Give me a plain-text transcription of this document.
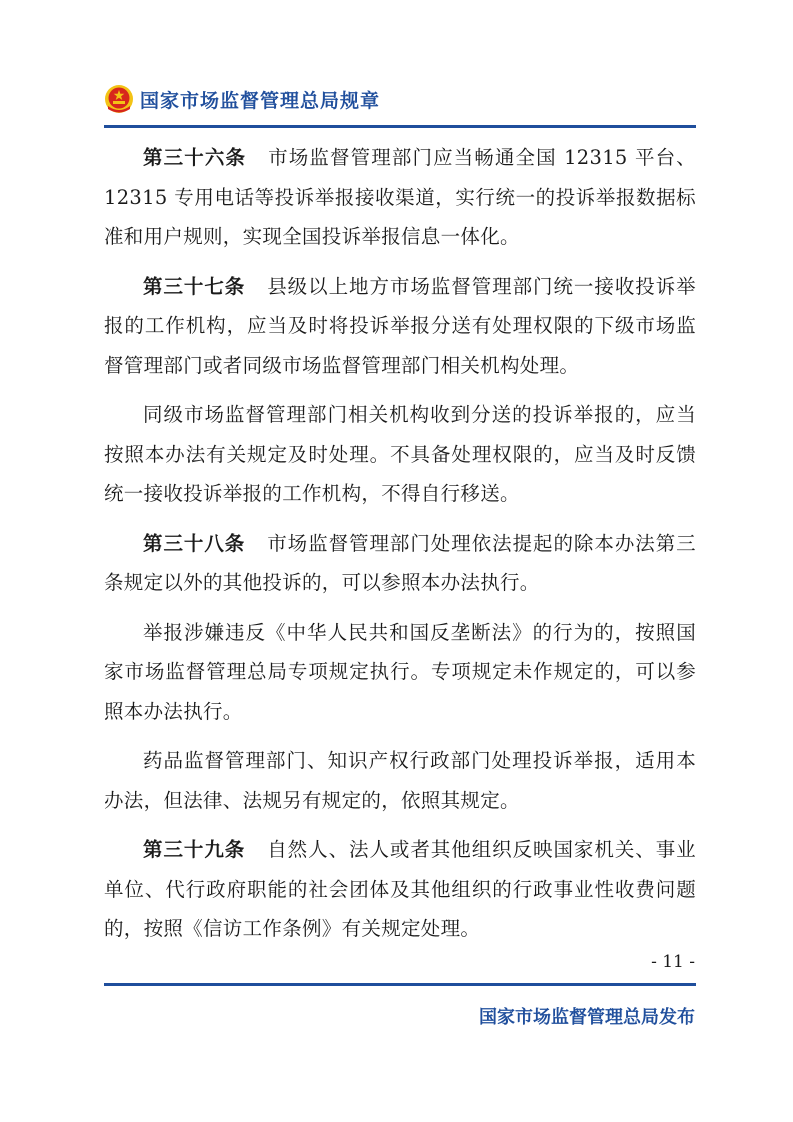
国家市场监督管理总局规章

第三十六条 市场监督管理部门应当畅通全国 12315 平台、12315 专用电话等投诉举报接收渠道，实行统一的投诉举报数据标准和用户规则，实现全国投诉举报信息一体化。

第三十七条 县级以上地方市场监督管理部门统一接收投诉举报的工作机构，应当及时将投诉举报分送有处理权限的下级市场监督管理部门或者同级市场监督管理部门相关机构处理。

同级市场监督管理部门相关机构收到分送的投诉举报的，应当按照本办法有关规定及时处理。不具备处理权限的，应当及时反馈统一接收投诉举报的工作机构，不得自行移送。

第三十八条 市场监督管理部门处理依法提起的除本办法第三条规定以外的其他投诉的，可以参照本办法执行。

举报涉嫌违反《中华人民共和国反垄断法》的行为的，按照国家市场监督管理总局专项规定执行。专项规定未作规定的，可以参照本办法执行。

药品监督管理部门、知识产权行政部门处理投诉举报，适用本办法，但法律、法规另有规定的，依照其规定。

第三十九条 自然人、法人或者其他组织反映国家机关、事业单位、代行政府职能的社会团体及其他组织的行政事业性收费问题的，按照《信访工作条例》有关规定处理。

- 11 -
国家市场监督管理总局发布
